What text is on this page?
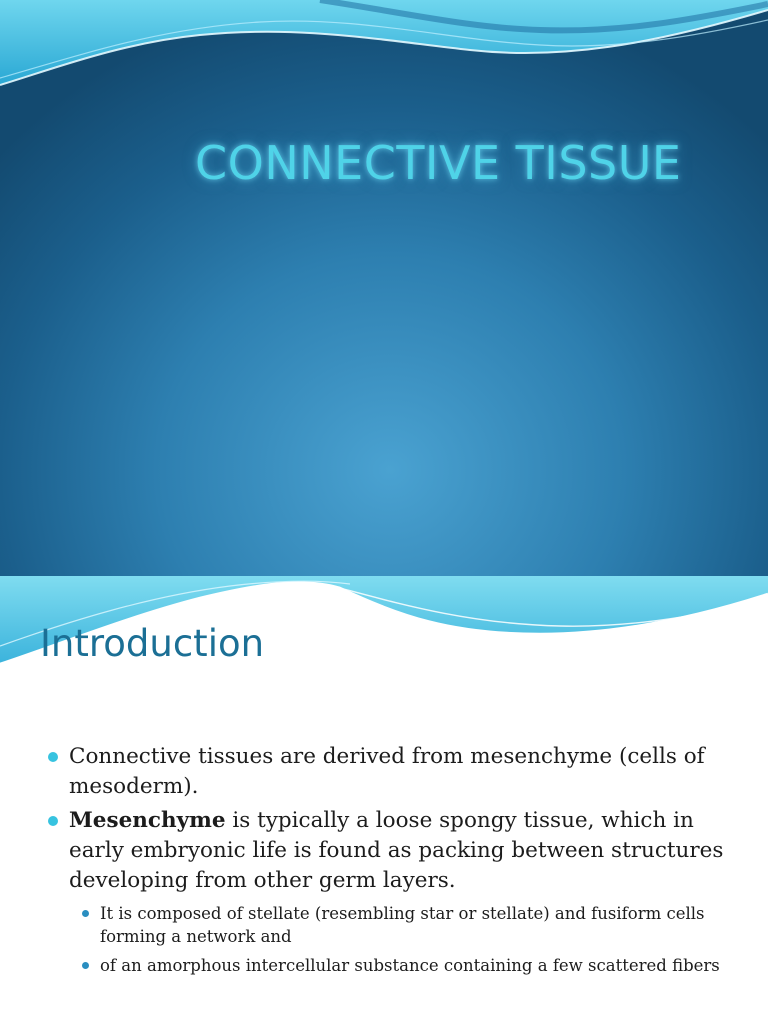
CONNECTIVE TISSUE
Introduction
Connective tissues are derived from mesenchyme (cells of mesoderm).
Mesenchyme is typically a loose spongy tissue, which in early embryonic life is found as packing between structures developing from other germ layers.
It is composed of stellate (resembling star or stellate) and fusiform cells forming a network and
of an amorphous intercellular substance containing a few scattered fibers
